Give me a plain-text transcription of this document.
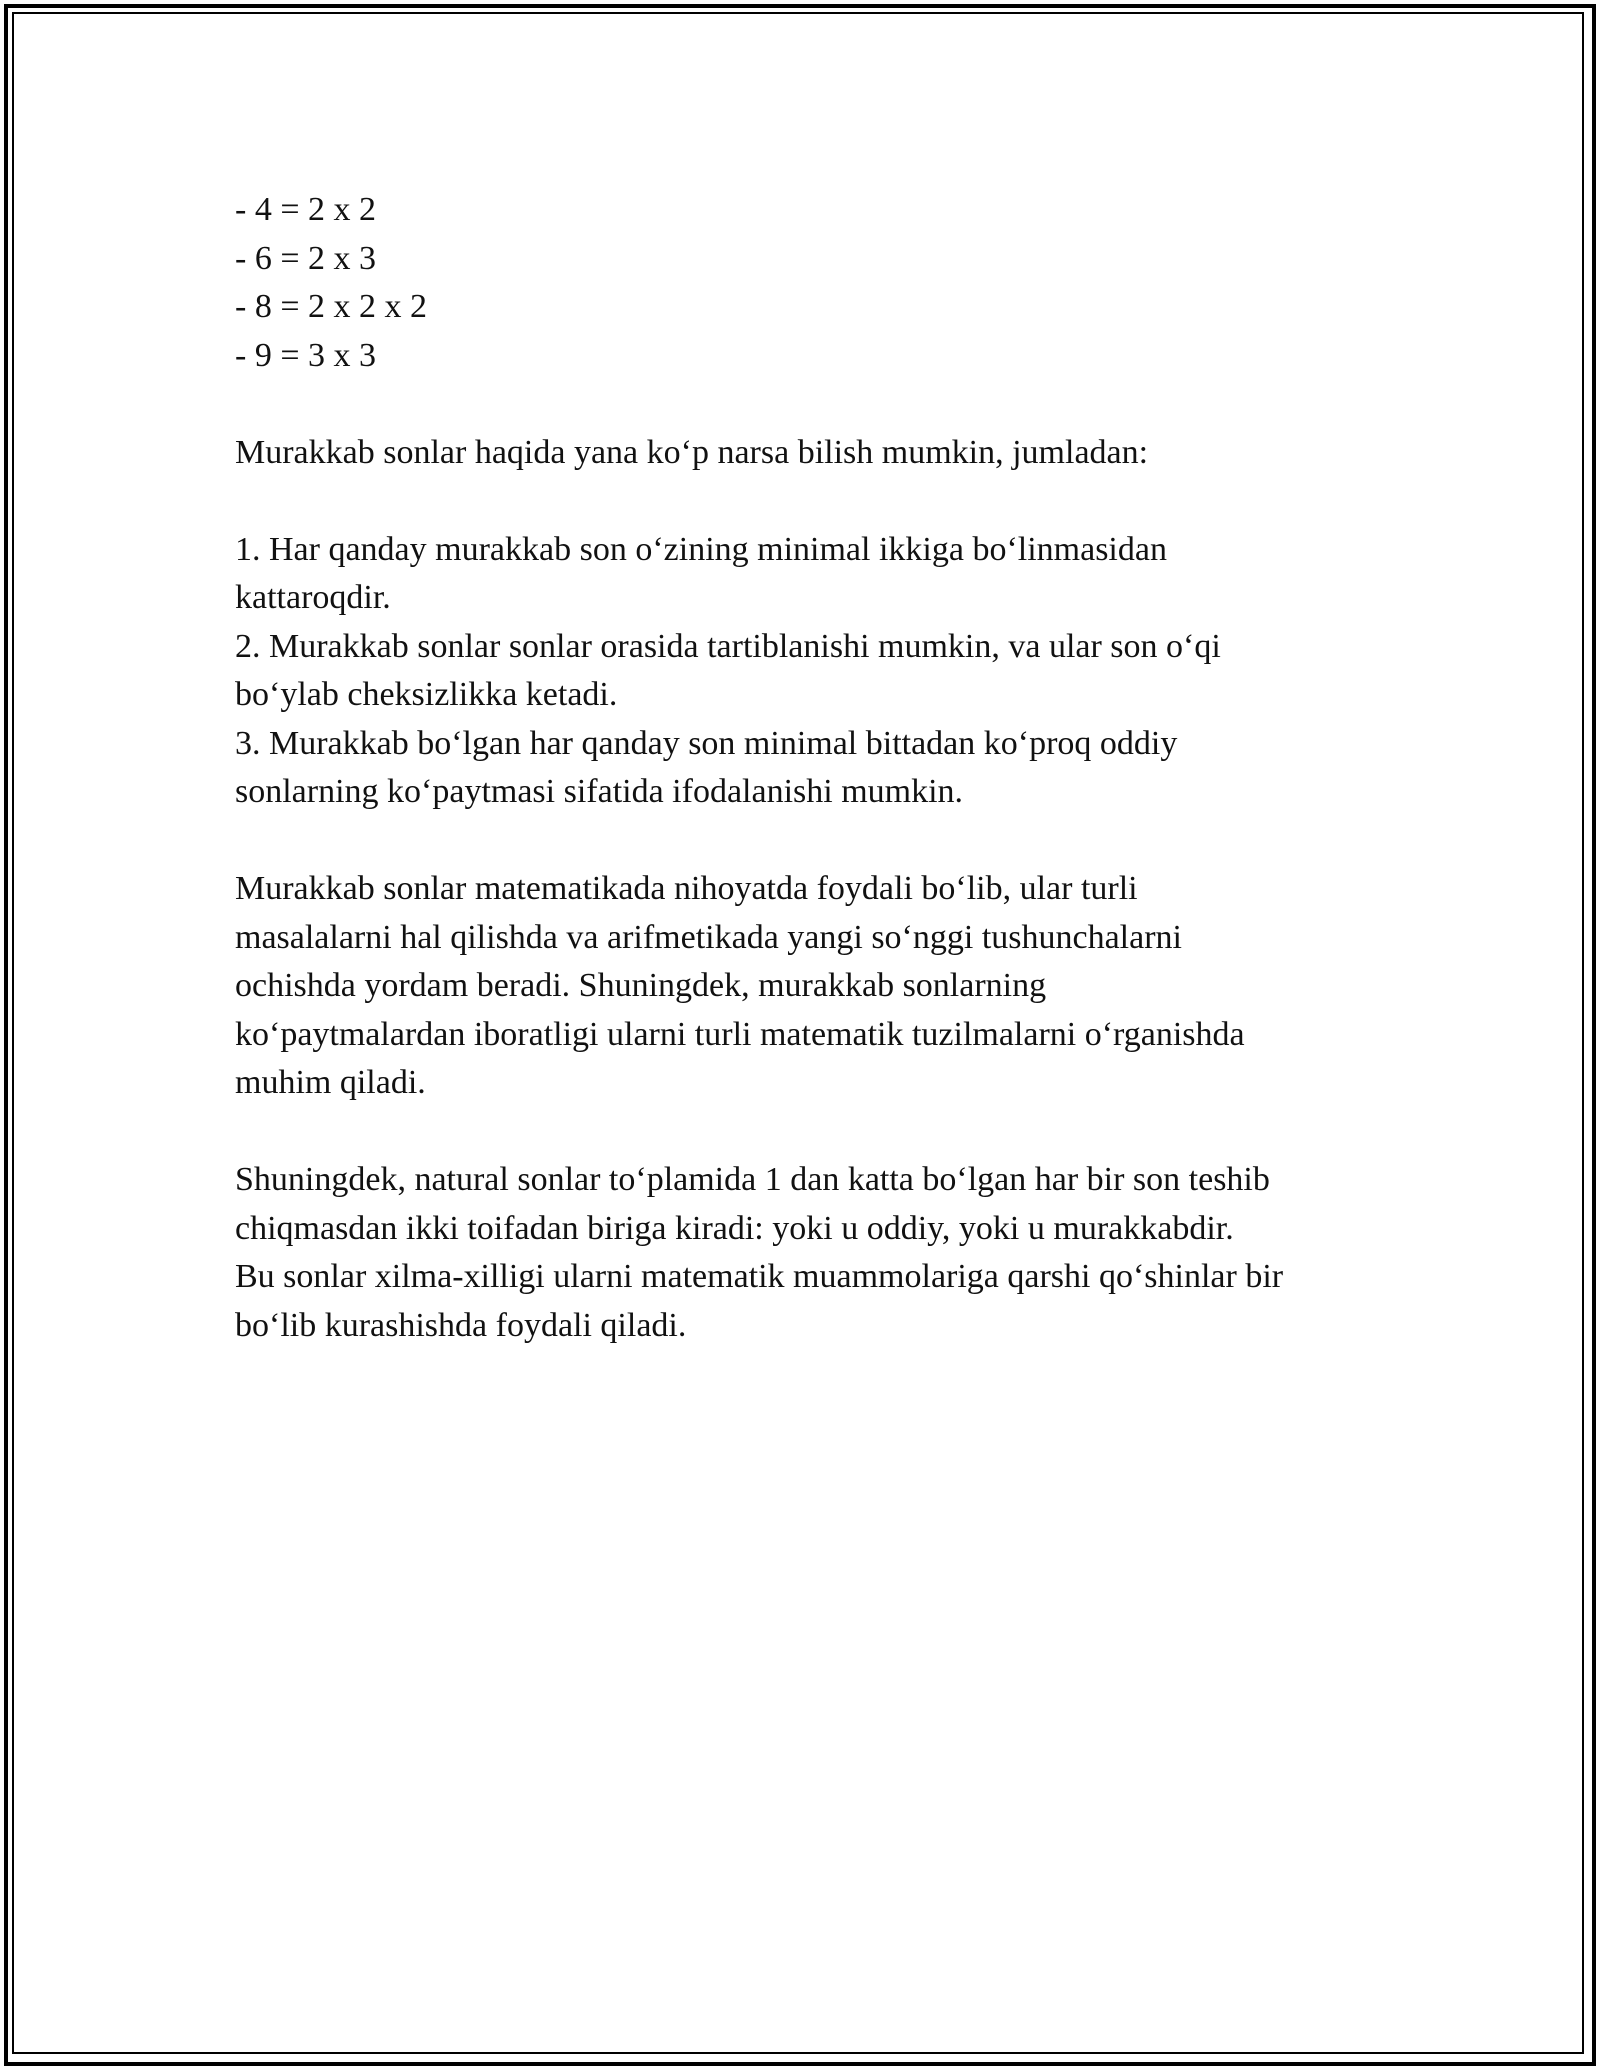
- 4 = 2 x 2
- 6 = 2 x 3
- 8 = 2 x 2 x 2
- 9 = 3 x 3
Murakkab sonlar haqida yana ko‘p narsa bilish mumkin, jumladan:
1. Har qanday murakkab son o‘zining minimal ikkiga bo‘linmasidan
kattaroqdir.
2. Murakkab sonlar sonlar orasida tartiblanishi mumkin, va ular son o‘qi
bo‘ylab cheksizlikka ketadi.
3. Murakkab bo‘lgan har qanday son minimal bittadan ko‘proq oddiy
sonlarning ko‘paytmasi sifatida ifodalanishi mumkin.
Murakkab sonlar matematikada nihoyatda foydali bo‘lib, ular turli
masalalarni hal qilishda va arifmetikada yangi so‘nggi tushunchalarni
ochishda yordam beradi. Shuningdek, murakkab sonlarning
ko‘paytmalardan iboratligi ularni turli matematik tuzilmalarni o‘rganishda
muhim qiladi.
Shuningdek, natural sonlar to‘plamida 1 dan katta bo‘lgan har bir son teshib
chiqmasdan ikki toifadan biriga kiradi: yoki u oddiy, yoki u murakkabdir.
Bu sonlar xilma-xilligi ularni matematik muammolariga qarshi qo‘shinlar bir
bo‘lib kurashishda foydali qiladi.
